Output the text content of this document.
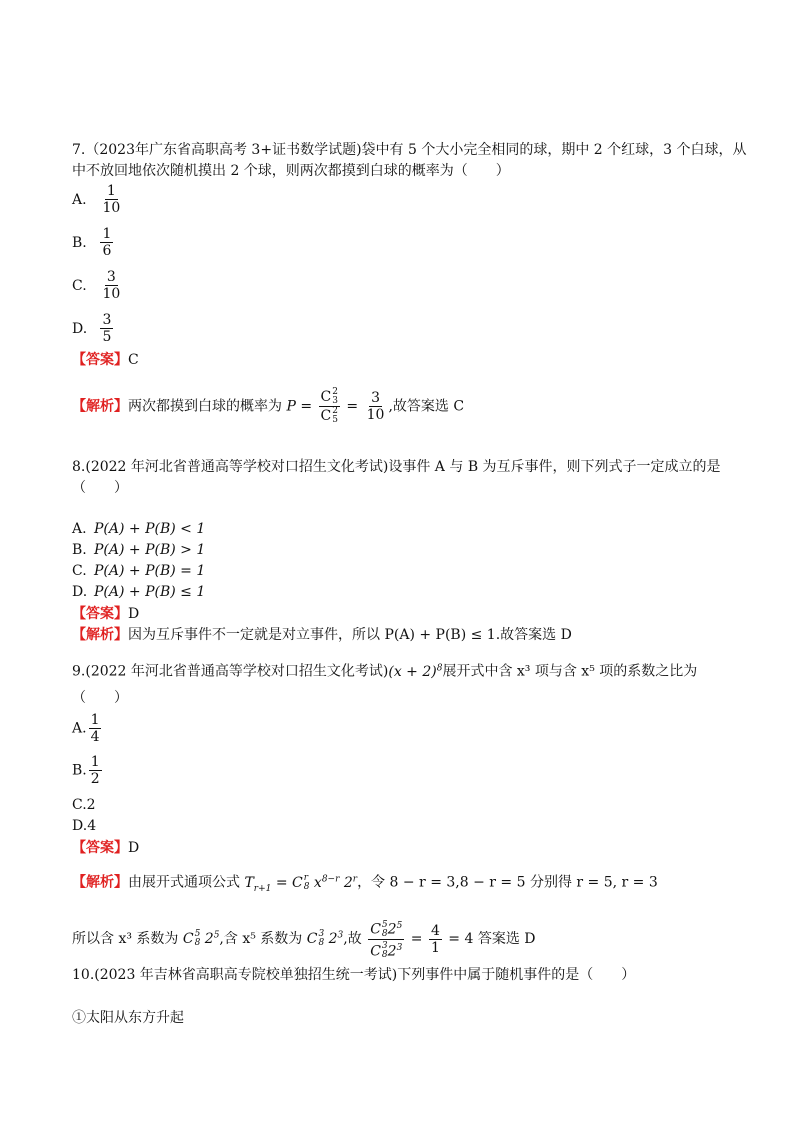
7.（2023年广东省高职高考 3+证书数学试题)袋中有 5 个大小完全相同的球，期中 2 个红球，3 个白球，从
中不放回地依次随机摸出 2 个球，则两次都摸到白球的概率为（　　）
A. $\frac{1}{10}$
B. $\frac{1}{6}$
C. $\frac{3}{10}$
D. $\frac{3}{5}$
【答案】C
【解析】两次都摸到白球的概率为 P = C 2
3
C 2
$5 = \frac{3}{10}$ ,故答案选 C
8.(2022 年河北省普通高等学校对口招生文化考试)设事件 A 与 B 为互斥事件，则下列式子一定成立的是
（　　）
A. P(A) + P(B) < 1
B. P(A) + P(B) > 1
C. P(A) + P(B) = 1
D. P(A) + P(B) ≤ 1
【答案】D
【解析】因为互斥事件不一定就是对立事件，所以 P(A) + P(B) ≤ 1.故答案选 D
9.(2022 年河北省普通高等学校对口招生文化考试)$(x + 2)^8$展开式中含 x³ 项与含 x⁵ 项的系数之比为
（　　）
A. $\frac{1}{4}$
B. $\frac{1}{2}$
C.2
D.4
【答案】D
【解析】由展开式通项公式 $T_{r+1} = C$ r
8 $x^{8-r}$ 2$^r$，令 8 − r = 3,8 − r = 5 分别得 r = 5, r = 3
所以含 x³ 系数为 C 5
8 $2^5$,含 x⁵ 系数为 C 3
8 $2^3$,故 C 5
8 $2^5$
C 3
8 $2^3 = \frac{4}{1} = 4$ 答案选 D
10.(2023 年吉林省高职高专院校单独招生统一考试)下列事件中属于随机事件的是（　　）
①太阳从东方升起
